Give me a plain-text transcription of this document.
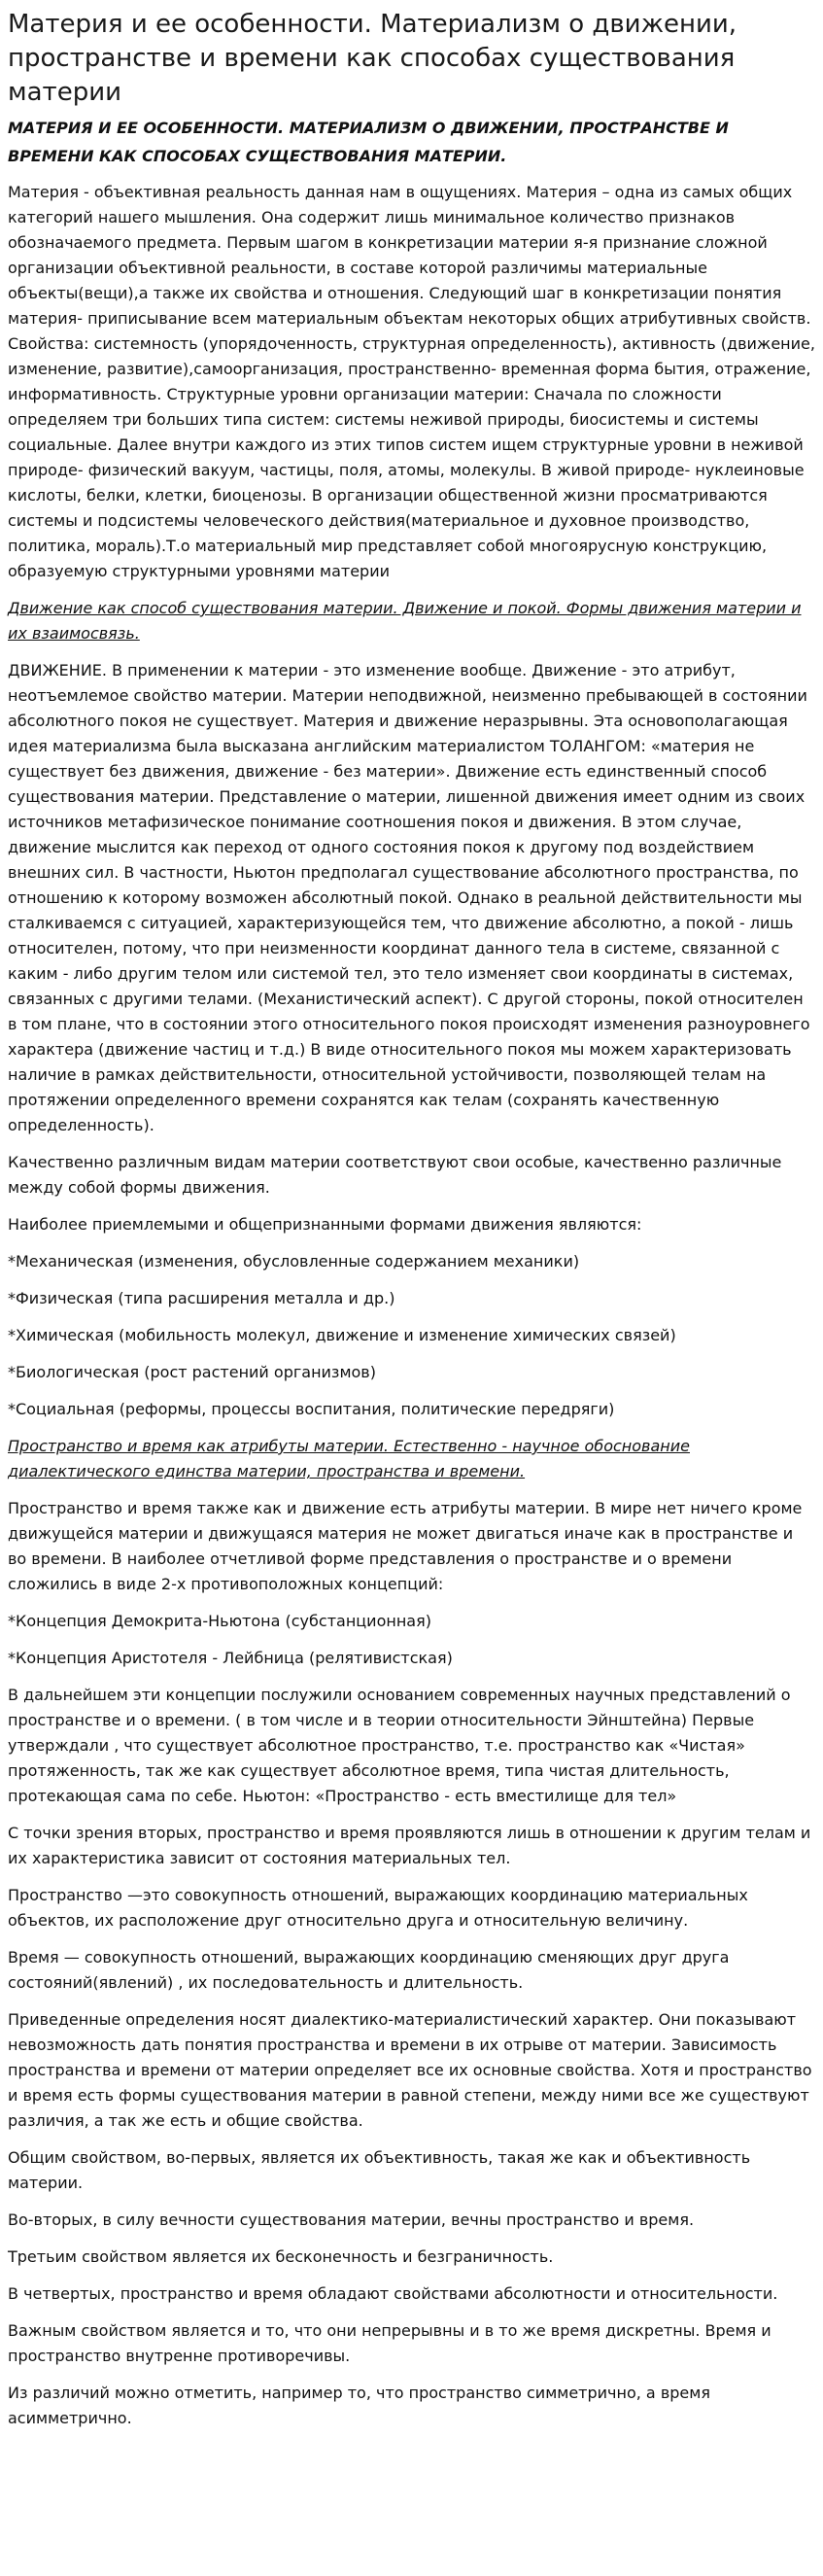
Материя и ее особенности. Материализм о движении, пространстве и времени как способах существования материи
МАТЕРИЯ И ЕЕ ОСОБЕННОСТИ. МАТЕРИАЛИЗМ О ДВИЖЕНИИ, ПРОСТРАНСТВЕ И ВРЕМЕНИ КАК СПОСОБАХ СУЩЕСТВОВАНИЯ МАТЕРИИ.

Материя - объективная реальность данная нам в ощущениях. Материя – одна из самых общих категорий нашего мышления. Она содержит лишь минимальное количество признаков обозначаемого предмета. Первым шагом в конкретизации материи я-я признание сложной организации объективной реальности, в составе которой различимы материальные объекты(вещи),а также их свойства и отношения. Следующий шаг в конкретизации понятия материя- приписывание всем материальным объектам некоторых общих атрибутивных свойств. Свойства: системность (упорядоченность, структурная определенность), активность (движение, изменение, развитие),самоорганизация, пространственно- временная форма бытия, отражение, информативность. Структурные уровни организации материи: Сначала по сложности определяем три больших типа систем: системы неживой природы, биосистемы и системы социальные. Далее внутри каждого из этих типов систем ищем структурные уровни в неживой природе- физический вакуум, частицы, поля, атомы, молекулы. В живой природе- нуклеиновые кислоты, белки, клетки, биоценозы. В организации общественной жизни просматриваются системы и подсистемы человеческого действия(материальное и духовное производство, политика, мораль).Т.о материальный мир представляет собой многоярусную конструкцию, образуемую структурными уровнями материи

Движение как способ существования материи. Движение и покой. Формы движения материи и их взаимосвязь.

ДВИЖЕНИЕ. В применении к материи - это изменение вообще. Движение - это атрибут, неотъемлемое свойство материи. Материи неподвижной, неизменно пребывающей в состоянии абсолютного покоя не существует. Материя и движение неразрывны. Эта основополагающая идея материализма была высказана английским материалистом ТОЛАНГОМ: «материя не существует без движения, движение - без материи». Движение есть единственный способ существования материи. Представление о материи, лишенной движения имеет одним из своих источников метафизическое понимание соотношения покоя и движения. В этом случае, движение мыслится как переход от одного состояния покоя к другому под воздействием внешних сил. В частности, Ньютон предполагал существование абсолютного пространства, по отношению к которому возможен абсолютный покой. Однако в реальной действительности мы сталкиваемся с ситуацией, характеризующейся тем, что движение абсолютно, а покой - лишь относителен, потому, что при неизменности координат данного тела в системе, связанной с каким - либо другим телом или системой тел, это тело изменяет свои координаты в системах, связанных с другими телами. (Механистический аспект). С другой стороны, покой относителен в том плане, что в состоянии этого относительного покоя происходят изменения разноуровнего характера (движение частиц и т.д.) В виде относительного покоя мы можем характеризовать наличие в рамках действительности, относительной устойчивости, позволяющей телам на протяжении определенного времени сохранятся как телам (сохранять качественную определенность).

Качественно различным видам материи соответствуют свои особые, качественно различные между собой формы движения.

Наиболее приемлемыми и общепризнанными формами движения являются:

*Механическая (изменения, обусловленные содержанием механики)

*Физическая (типа расширения металла и др.)

*Химическая (мобильность молекул, движение и изменение химических связей)

*Биологическая (рост растений организмов)

*Социальная (реформы, процессы воспитания, политические передряги)

Пространство и время как атрибуты материи. Естественно - научное обоснование диалектического единства материи, пространства и времени.

Пространство и время также как и движение есть атрибуты материи. В мире нет ничего кроме движущейся материи и движущаяся материя не может двигаться иначе как в пространстве и во времени. В наиболее отчетливой форме представления о пространстве и о времени сложились в виде 2-х противоположных концепций:

*Концепция Демокрита-Ньютона (субстанционная)

*Концепция Аристотеля - Лейбница (релятивистская)

В дальнейшем эти концепции послужили основанием современных научных представлений о пространстве и о времени. ( в том числе и в теории относительности Эйнштейна) Первые утверждали , что существует абсолютное пространство, т.е. пространство как «Чистая» протяженность, так же как существует абсолютное время, типа чистая длительность, протекающая сама по себе. Ньютон: «Пространство - есть вместилище для тел»

С точки зрения вторых, пространство и время проявляются лишь в отношении к другим телам и их характеристика зависит от состояния материальных тел.

Пространство —это совокупность отношений, выражающих координацию материальных объектов, их расположение друг относительно друга и относительную величину.

Время — совокупность отношений, выражающих координацию сменяющих друг друга состояний(явлений) , их последовательность и длительность.

Приведенные определения носят диалектико-материалистический характер. Они показывают невозможность дать понятия пространства и времени в их отрыве от материи. Зависимость пространства и времени от материи определяет все их основные свойства. Хотя и пространство и время есть формы существования материи в равной степени, между ними все же существуют различия, а так же есть и общие свойства.

Общим свойством, во-первых, является их объективность, такая же как и объективность материи.

Во-вторых, в силу вечности существования материи, вечны пространство и время.

Третьим свойством является их бесконечность и безграничность.

В четвертых, пространство и время обладают свойствами абсолютности и относительности.

Важным свойством является и то, что они непрерывны и в то же время дискретны. Время и пространство внутренне противоречивы.

Из различий можно отметить, например то, что пространство симметрично, а время асимметрично.
